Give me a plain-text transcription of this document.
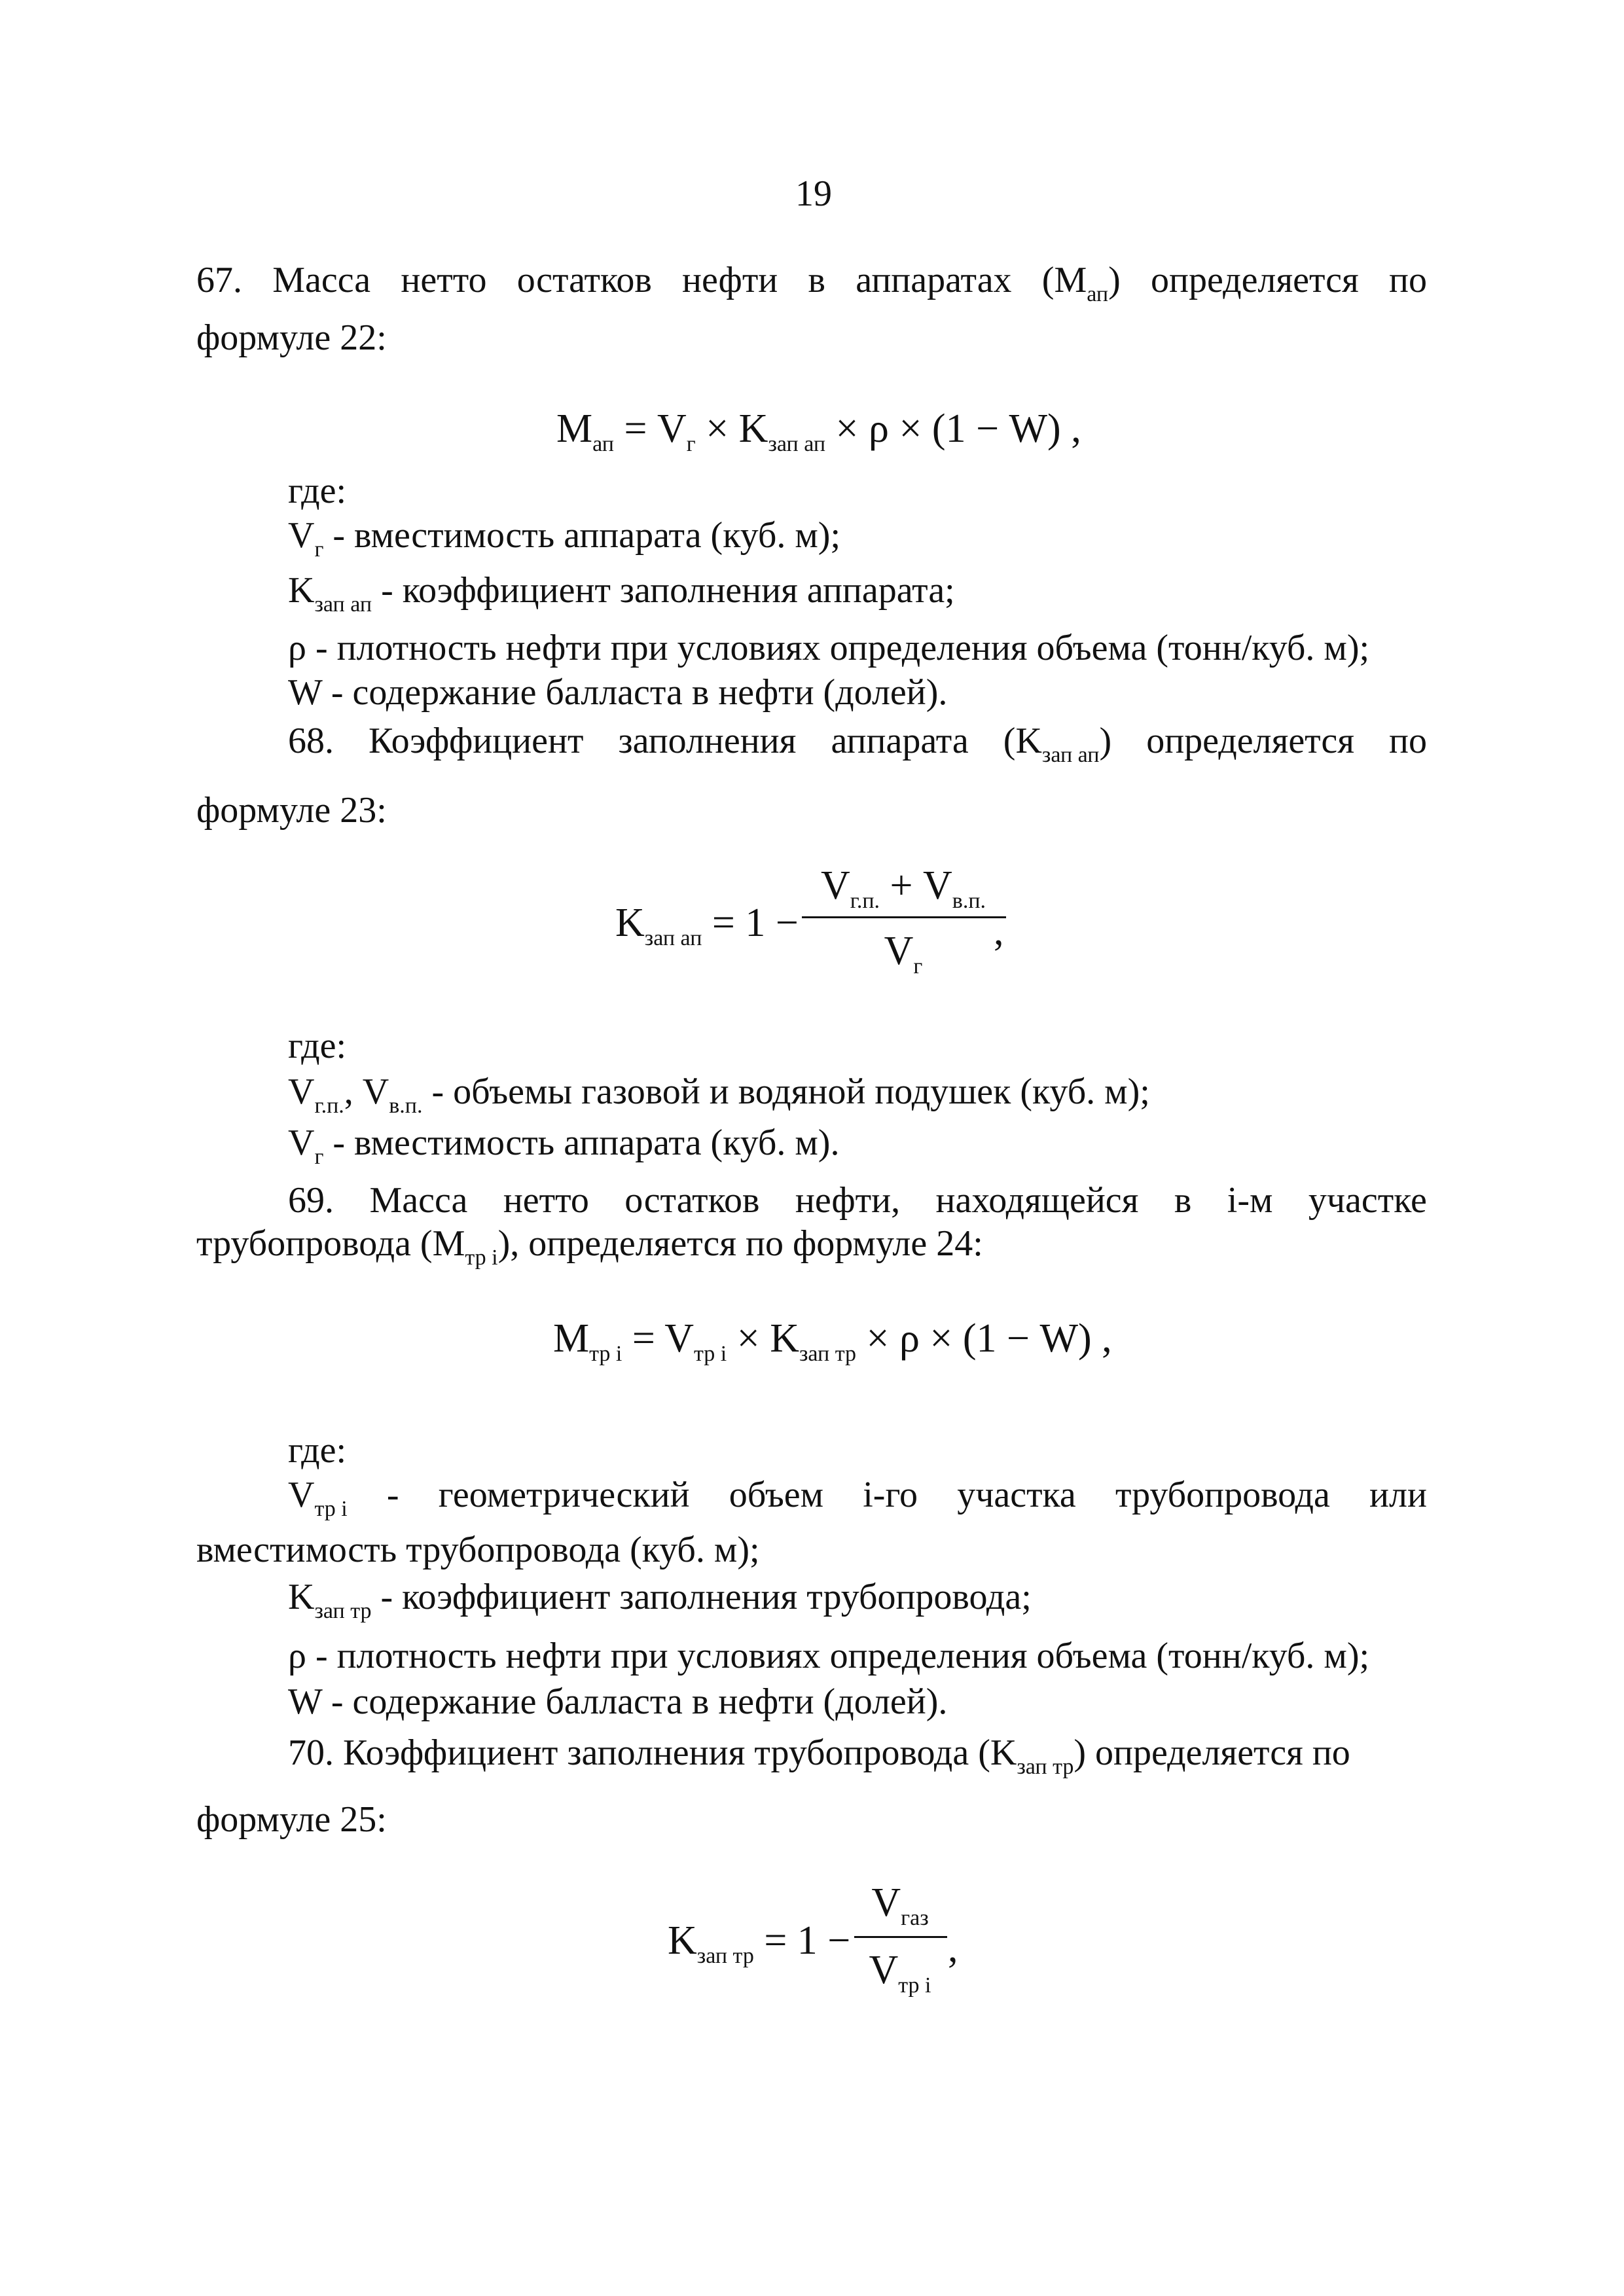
19
67. Масса нетто остатков нефти в аппаратах $(M_{ап})$ определяется по
формуле 22:
$M_{ап} = V_г \times K_{зап ап} \times \rho \times (1 - W)$ ,
где:
$V_г$ - вместимость аппарата (куб. м);
$K_{зап ап}$ - коэффициент заполнения аппарата;
ρ - плотность нефти при условиях определения объема (тонн/куб. м);
W - содержание балласта в нефти (долей).
68. Коэффициент заполнения аппарата $(K_{зап ап})$ определяется по
формуле 23:
$K_{зап ап} = 1$ −
$V_{г.п.} + V_{в.п.}$
$V_г$
,
где:
$V_{г.п.}$, $V_{в.п.}$ - объемы газовой и водяной подушек (куб. м);
$V_г$ - вместимость аппарата (куб. м).
69. Масса нетто остатков нефти, находящейся в i-м участке
трубопровода $(M_{тр i})$, определяется по формуле 24:
$M_{тр i} = V_{тр i} \times K_{зап тр} \times \rho \times (1 - W)$ ,
где:
$V_{тр i}$ - геометрический объем i-го участка трубопровода или
вместимость трубопровода (куб. м);
$K_{зап тр}$ - коэффициент заполнения трубопровода;
ρ - плотность нефти при условиях определения объема (тонн/куб. м);
W - содержание балласта в нефти (долей).
70. Коэффициент заполнения трубопровода $(K_{зап тр})$ определяется по
формуле 25:
$K_{зап тр} = 1$ −
$V_{газ}$
$V_{тр i}$
,
